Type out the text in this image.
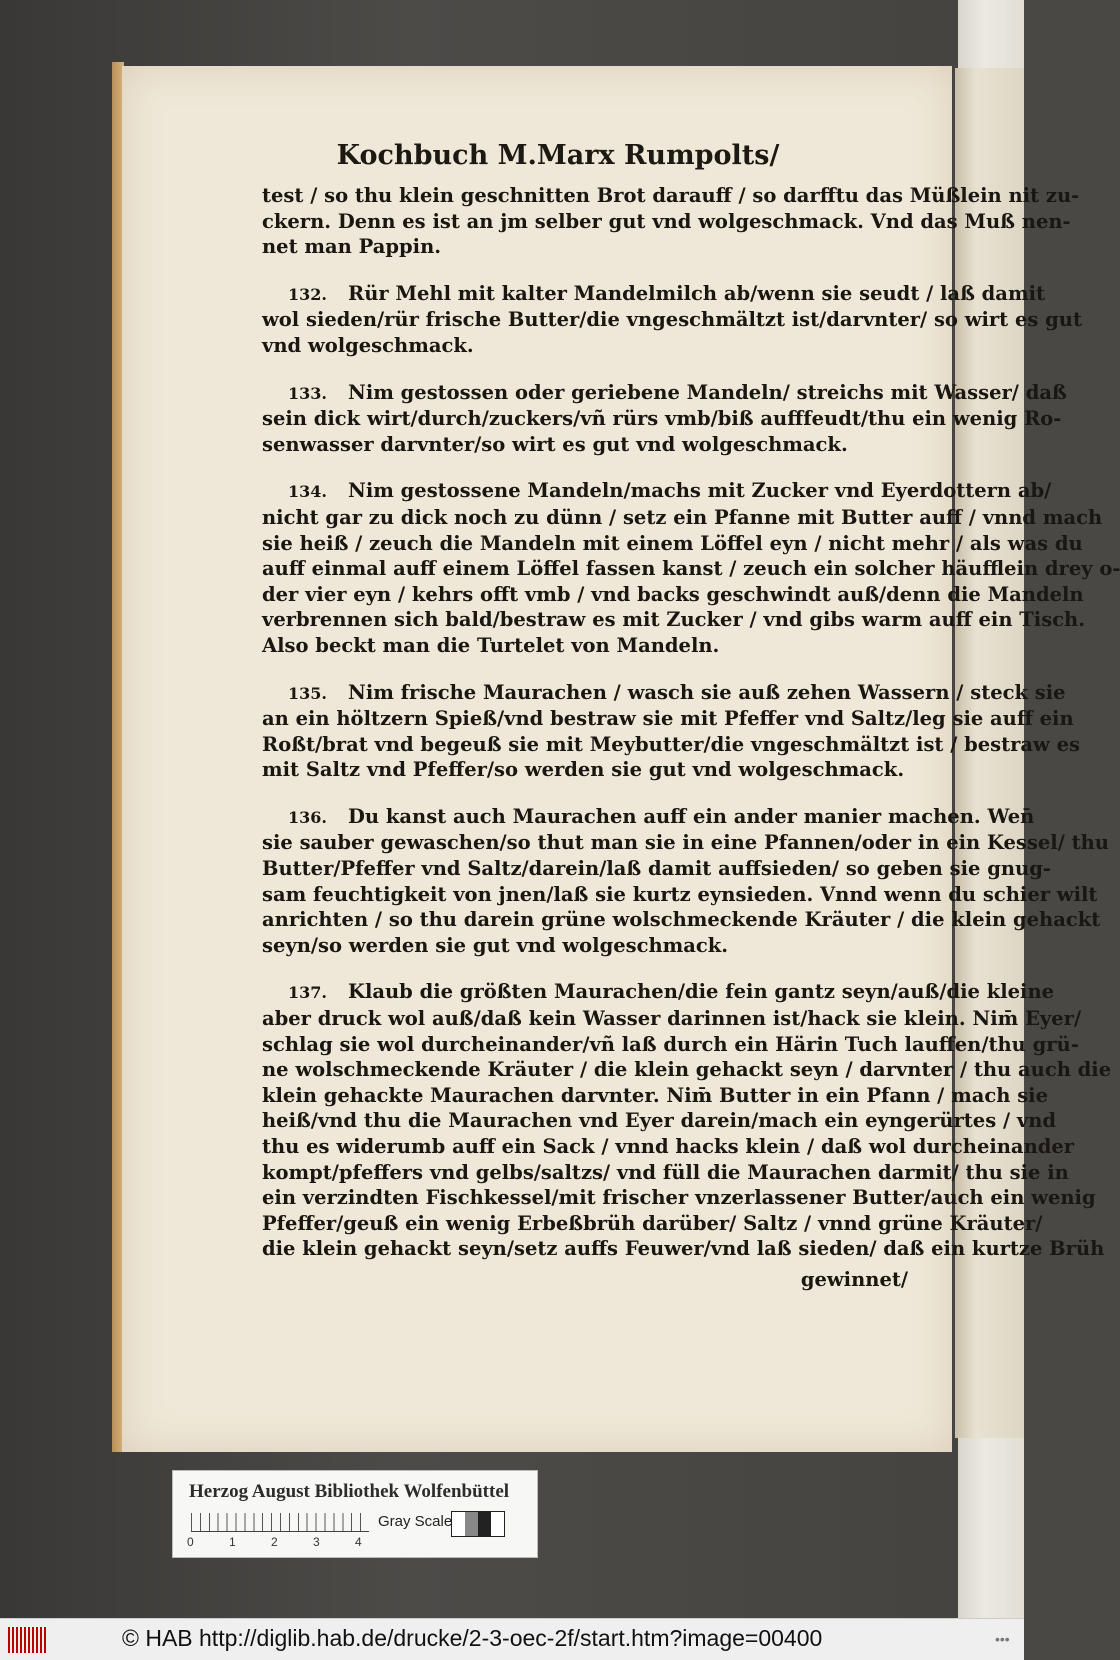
Kochbuch M.Marx Rumpolts/
test / so thu klein geschnitten Brot darauff / so darfftu das Müßlein nit zu-
ckern. Denn es ist an jm selber gut vnd wolgeschmack. Vnd das Muß nen-
net man Pappin.
132. Rür Mehl mit kalter Mandelmilch ab/wenn sie seudt / laß damit
wol sieden/rür frische Butter/die vngeschmältzt ist/darvnter/ so wirt es gut
vnd wolgeschmack.
133. Nim gestossen oder geriebene Mandeln/ streichs mit Wasser/ daß
sein dick wirt/durch/zuckers/vñ rürs vmb/biß aufffeudt/thu ein wenig Ro-
senwasser darvnter/so wirt es gut vnd wolgeschmack.
134. Nim gestossene Mandeln/machs mit Zucker vnd Eyerdottern ab/
nicht gar zu dick noch zu dünn / setz ein Pfanne mit Butter auff / vnnd mach
sie heiß / zeuch die Mandeln mit einem Löffel eyn / nicht mehr / als was du
auff einmal auff einem Löffel fassen kanst / zeuch ein solcher häufflein drey o-
der vier eyn / kehrs offt vmb / vnd backs geschwindt auß/denn die Mandeln
verbrennen sich bald/bestraw es mit Zucker / vnd gibs warm auff ein Tisch.
Also beckt man die Turtelet von Mandeln.
135. Nim frische Maurachen / wasch sie auß zehen Wassern / steck sie
an ein höltzern Spieß/vnd bestraw sie mit Pfeffer vnd Saltz/leg sie auff ein
Roßt/brat vnd begeuß sie mit Meybutter/die vngeschmältzt ist / bestraw es
mit Saltz vnd Pfeffer/so werden sie gut vnd wolgeschmack.
136. Du kanst auch Maurachen auff ein ander manier machen. Wen̄
sie sauber gewaschen/so thut man sie in eine Pfannen/oder in ein Kessel/ thu
Butter/Pfeffer vnd Saltz/darein/laß damit auffsieden/ so geben sie gnug-
sam feuchtigkeit von jnen/laß sie kurtz eynsieden. Vnnd wenn du schier wilt
anrichten / so thu darein grüne wolschmeckende Kräuter / die klein gehackt
seyn/so werden sie gut vnd wolgeschmack.
137. Klaub die größten Maurachen/die fein gantz seyn/auß/die kleine
aber druck wol auß/daß kein Wasser darinnen ist/hack sie klein. Nim̄ Eyer/
schlag sie wol durcheinander/vñ laß durch ein Härin Tuch lauffen/thu grü-
ne wolschmeckende Kräuter / die klein gehackt seyn / darvnter / thu auch die
klein gehackte Maurachen darvnter. Nim̄ Butter in ein Pfann / mach sie
heiß/vnd thu die Maurachen vnd Eyer darein/mach ein eyngerürtes / vnd
thu es widerumb auff ein Sack / vnnd hacks klein / daß wol durcheinander
kompt/pfeffers vnd gelbs/saltzs/ vnd füll die Maurachen darmit/ thu sie in
ein verzindten Fischkessel/mit frischer vnzerlassener Butter/auch ein wenig
Pfeffer/geuß ein wenig Erbeßbrüh darüber/ Saltz / vnnd grüne Kräuter/
die klein gehackt seyn/setz auffs Feuwer/vnd laß sieden/ daß ein kurtze Brüh
gewinnet/
Herzog August Bibliothek Wolfenbüttel
0	1	2	3	4
Gray Scale
© HAB http://diglib.hab.de/drucke/2-3-oec-2f/start.htm?image=00400	•••
